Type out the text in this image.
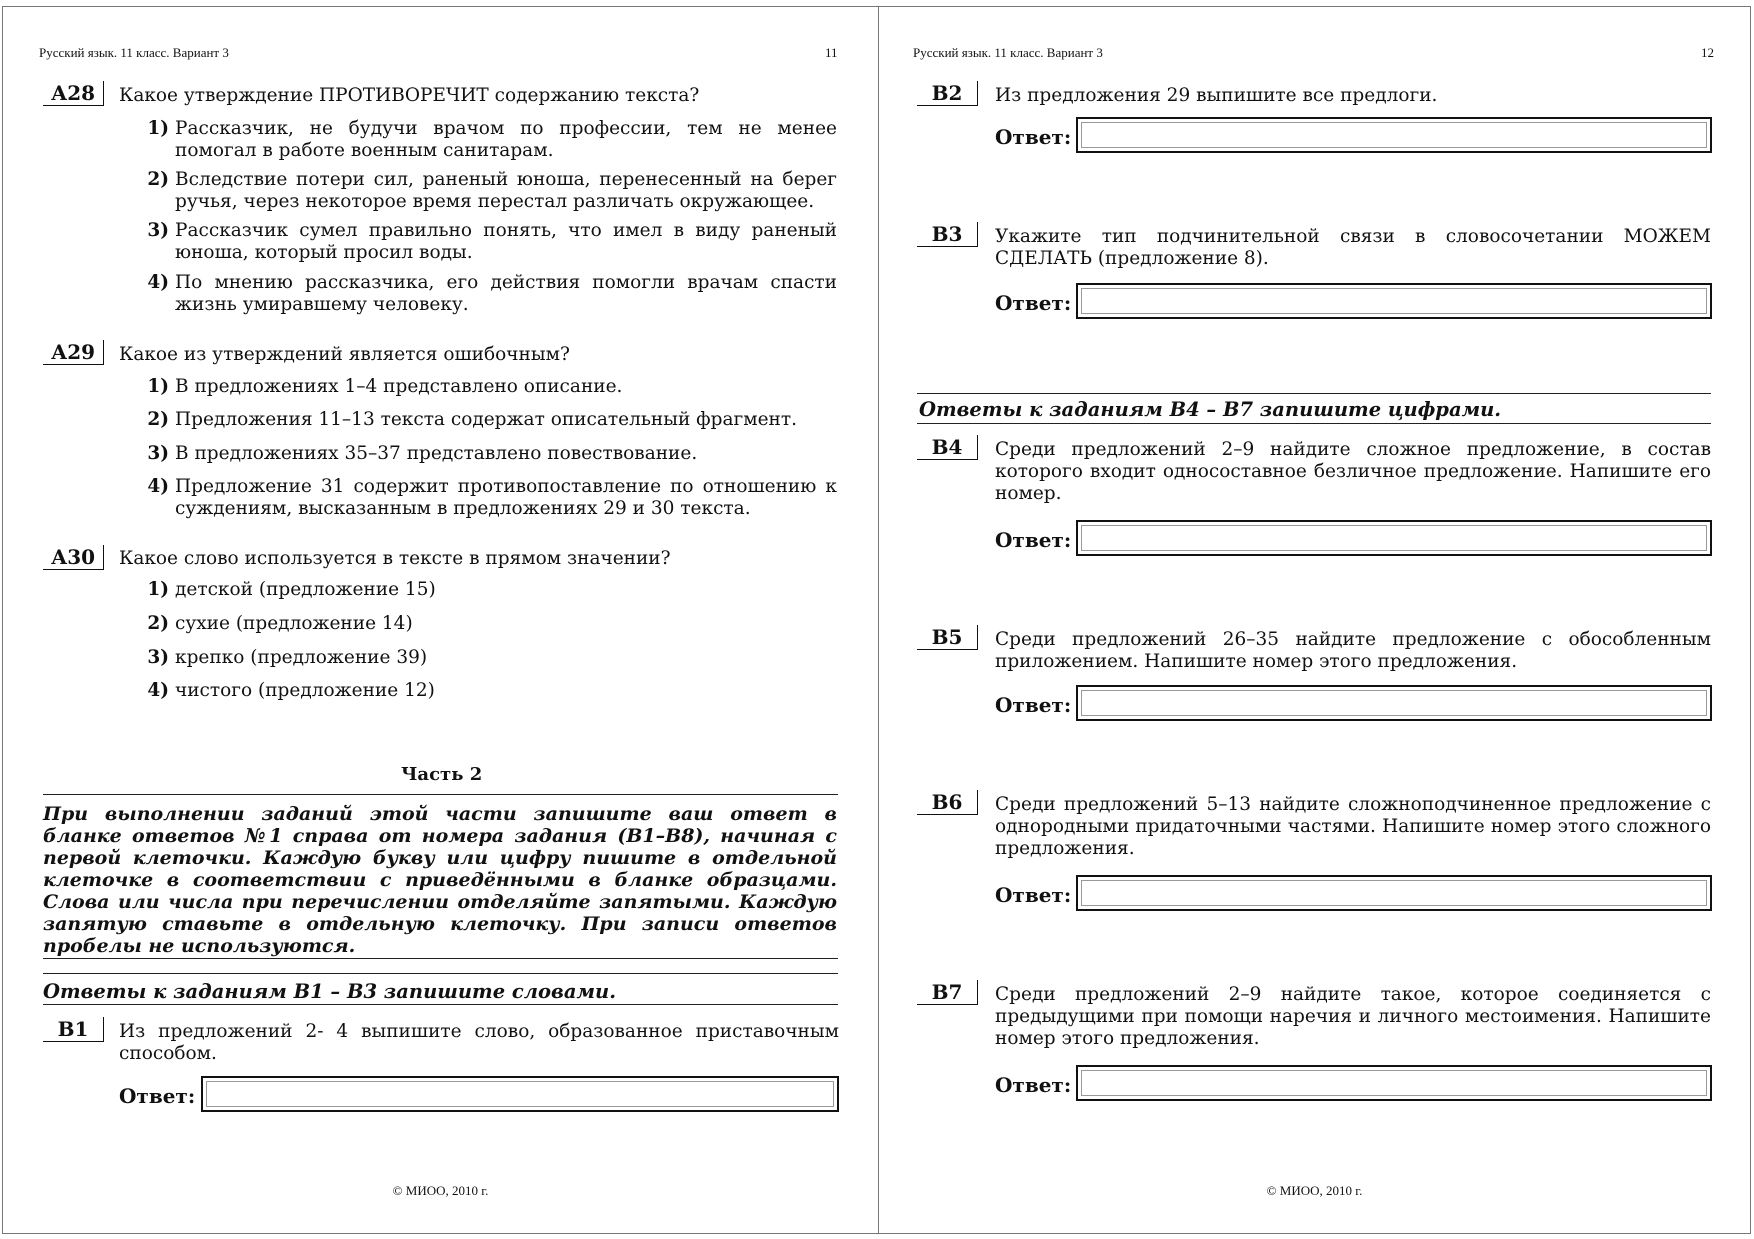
Русский язык. 11 класс. Вариант 3	11
А28	Какое утверждение ПРОТИВОРЕЧИТ содержанию текста?
1) Рассказчик, не будучи врачом по профессии, тем не менее помогал в работе военным санитарам.
2) Вследствие потери сил, раненый юноша, перенесенный на берег ручья, через некоторое время перестал различать окружающее.
3) Рассказчик сумел правильно понять, что имел в виду раненый юноша, который просил воды.
4) По мнению рассказчика, его действия помогли врачам спасти жизнь умиравшему человеку.
А29	Какое из утверждений является ошибочным?
1) В предложениях 1–4 представлено описание.
2) Предложения 11–13 текста содержат описательный фрагмент.
3) В предложениях 35–37 представлено повествование.
4) Предложение 31 содержит противопоставление по отношению к суждениям, высказанным в предложениях 29 и 30 текста.
А30	Какое слово используется в тексте в прямом значении?
1) детской (предложение 15)
2) сухие (предложение 14)
3) крепко (предложение 39)
4) чистого (предложение 12)
Часть 2
При выполнении заданий этой части запишите ваш ответ в бланке ответов №1 справа от номера задания (В1–В8), начиная с первой клеточки. Каждую букву или цифру пишите в отдельной клеточке в соответствии с приведёнными в бланке образцами. Слова или числа при перечислении отделяйте запятыми. Каждую запятую ставьте в отдельную клеточку. При записи ответов пробелы не используются.
Ответы к заданиям В1 – В3 запишите словами.
В1	Из предложений 2- 4 выпишите слово, образованное приставочным способом.
Ответ:
© МИОО, 2010 г.
Русский язык. 11 класс. Вариант 3	12
В2	Из предложения 29 выпишите все предлоги.
Ответ:
В3	Укажите тип подчинительной связи в словосочетании МОЖЕМ СДЕЛАТЬ (предложение 8).
Ответ:
Ответы к заданиям В4 – В7 запишите цифрами.
В4	Среди предложений 2–9 найдите сложное предложение, в состав которого входит односоставное безличное предложение. Напишите его номер.
Ответ:
В5	Среди предложений 26–35 найдите предложение с обособленным приложением. Напишите номер этого предложения.
Ответ:
В6	Среди предложений 5–13 найдите сложноподчиненное предложение с однородными придаточными частями. Напишите номер этого сложного предложения.
Ответ:
В7	Среди предложений 2–9 найдите такое, которое соединяется с предыдущими при помощи наречия и личного местоимения. Напишите номер этого предложения.
Ответ:
© МИОО, 2010 г.
